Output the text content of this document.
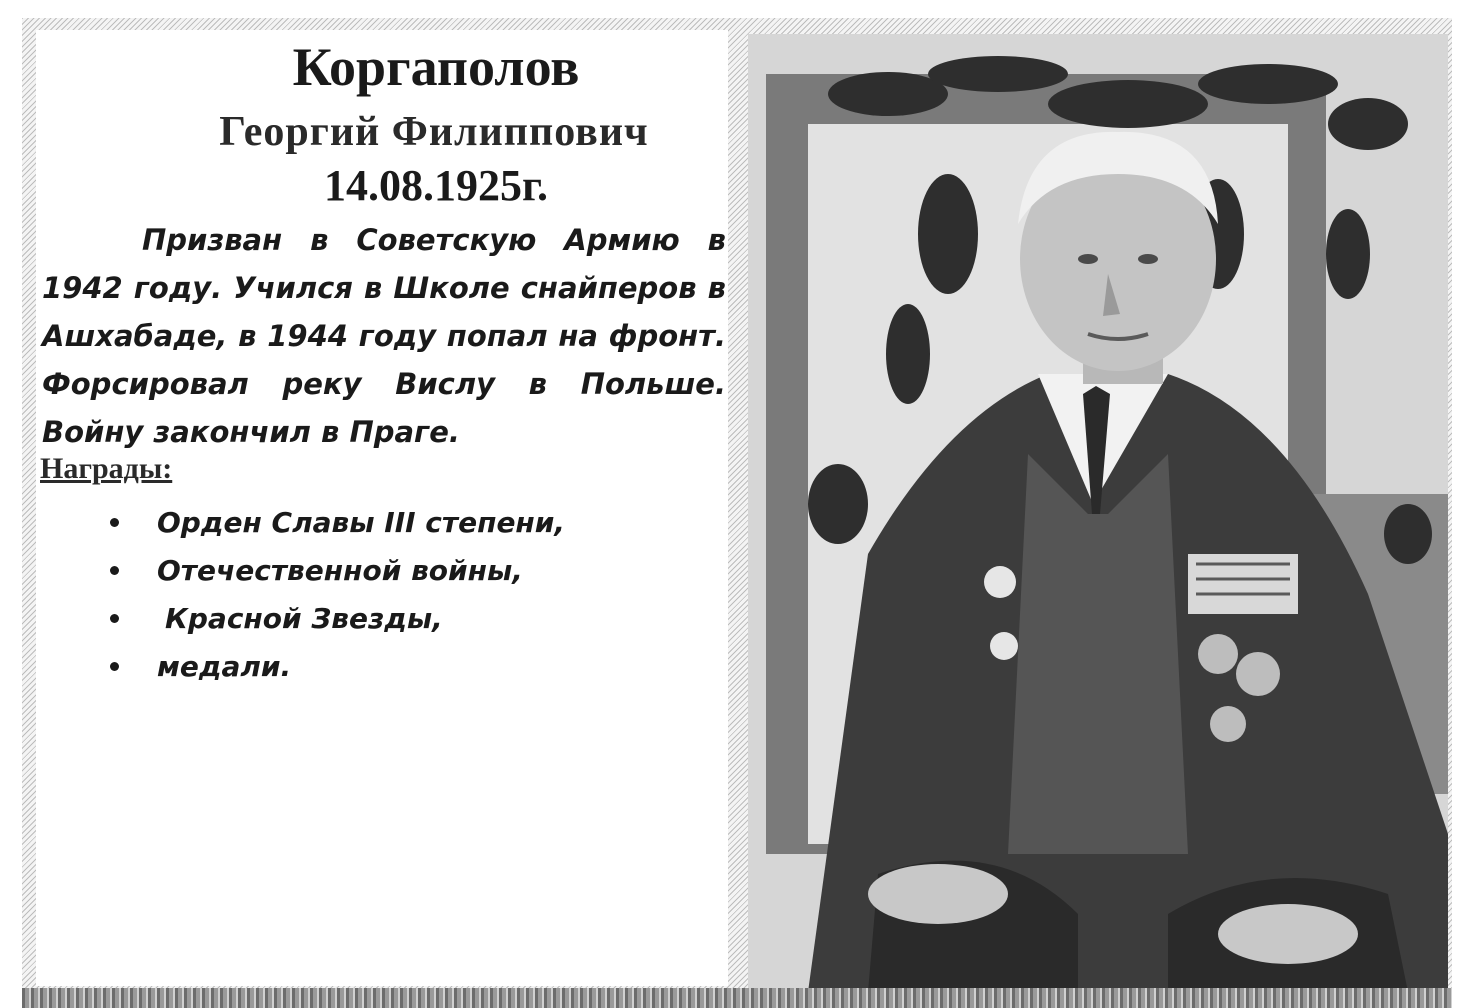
Коргаполов
Георгий Филиппович
14.08.1925г.

Призван в Советскую Армию в 1942 году. Учился в Школе снайперов в Ашхабаде, в 1944 году попал на фронт. Форсировал реку Вислу в Польше. Войну закончил в Праге.

Награды:
Орден Славы III степени,
Отечественной войны,
Красной Звезды,
медали.
